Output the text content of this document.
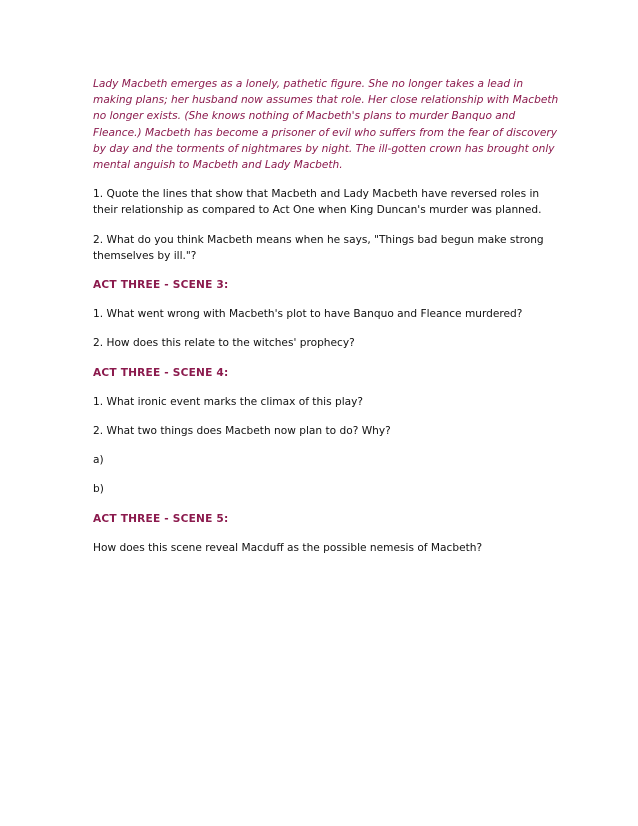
Lady Macbeth emerges as a lonely, pathetic figure. She no longer takes a lead in making plans; her husband now assumes that role. Her close relationship with Macbeth no longer exists. (She knows nothing of Macbeth's plans to murder Banquo and Fleance.) Macbeth has become a prisoner of evil who suffers from the fear of discovery by day and the torments of nightmares by night. The ill-gotten crown has brought only mental anguish to Macbeth and Lady Macbeth.

1. Quote the lines that show that Macbeth and Lady Macbeth have reversed roles in their relationship as compared to Act One when King Duncan's murder was planned.

2. What do you think Macbeth means when he says, "Things bad begun make strong themselves by ill."?

ACT THREE - SCENE 3:

1. What went wrong with Macbeth's plot to have Banquo and Fleance murdered?

2. How does this relate to the witches' prophecy?

ACT THREE - SCENE 4:

1. What ironic event marks the climax of this play?

2. What two things does Macbeth now plan to do? Why?

a)

b)

ACT THREE - SCENE 5:

How does this scene reveal Macduff as the possible nemesis of Macbeth?
